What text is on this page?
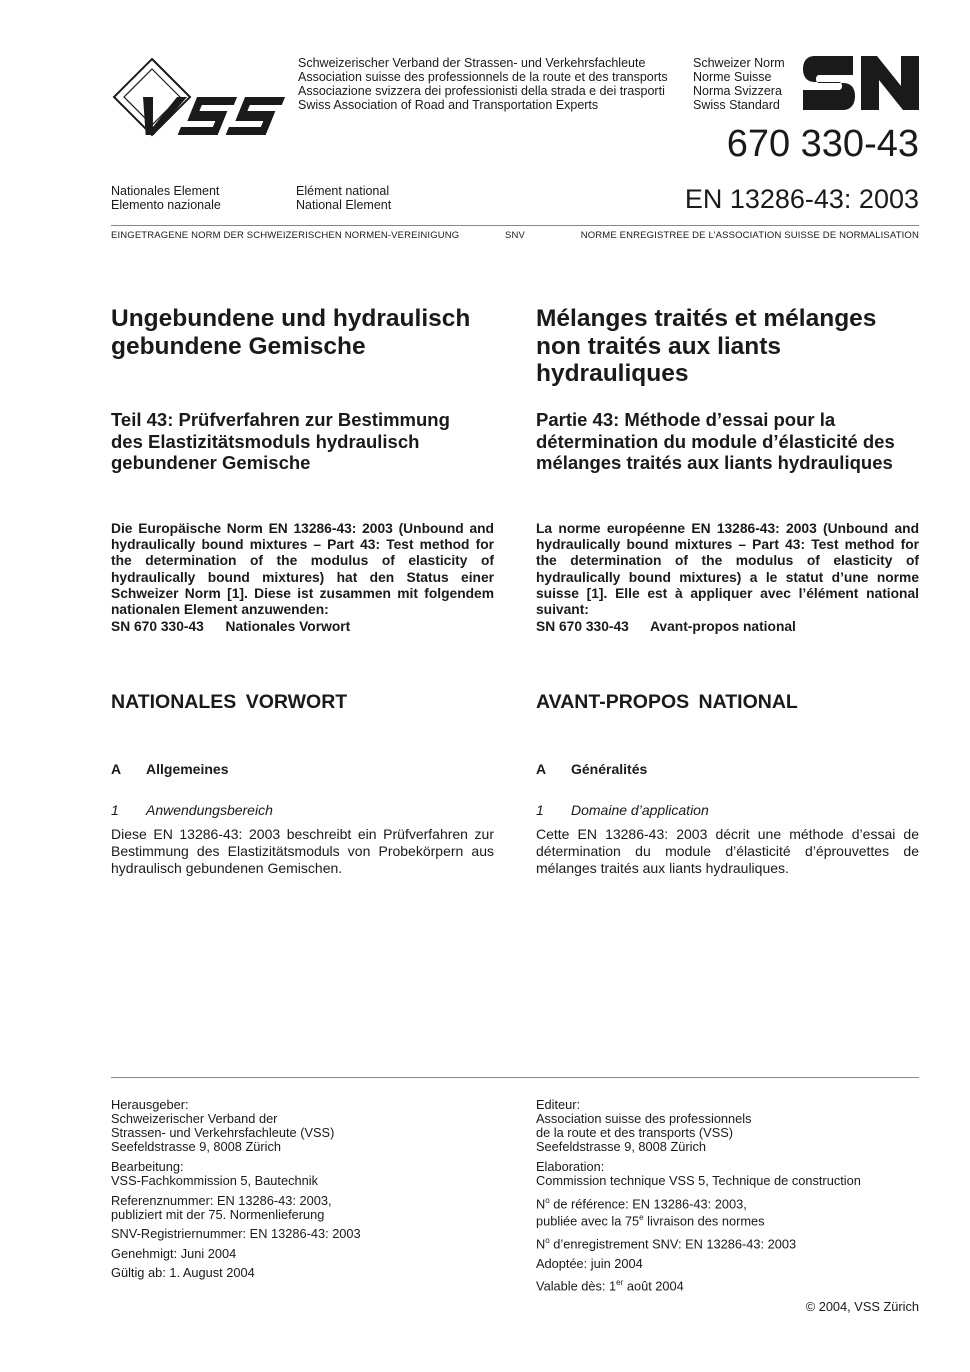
Schweizerischer Verband der Strassen- und Verkehrsfachleute
Association suisse des professionnels de la route et des transports
Associazione svizzera dei professionisti della strada e dei trasporti
Swiss Association of Road and Transportation Experts
Schweizer Norm
Norme Suisse
Norma Svizzera
Swiss Standard
670 330-43
Nationales Element
Elemento nazionale
Elément national
National Element	EN 13286-43: 2003
EINGETRAGENE NORM DER SCHWEIZERISCHEN NORMEN-VEREINIGUNG	SNV	NORME ENREGISTREE DE L’ASSOCIATION SUISSE DE NORMALISATION
Ungebundene und hydraulisch
gebundene Gemische
Teil 43: Prüfverfahren zur Bestimmung
des Elastizitätsmoduls hydraulisch
gebundener Gemische
Die Europäische Norm EN 13286-43: 2003 (Unbound and hydraulically bound mixtures – Part 43: Test method for the determination of the modulus of elasticity of hydraulically bound mixtures) hat den Status einer Schweizer Norm [1]. Diese ist zusammen mit folgendem nationalen Element anzuwenden:
SN 670 330-43 Nationales Vorwort
NATIONALES VORWORT
A Allgemeines
1 Anwendungsbereich
Diese EN 13286-43: 2003 beschreibt ein Prüfverfahren zur Bestimmung des Elastizitätsmoduls von Probekörpern aus hydraulisch gebundenen Gemischen.
Mélanges traités et mélanges
non traités aux liants
hydrauliques
Partie 43: Méthode d’essai pour la
détermination du module d’élasticité des
mélanges traités aux liants hydrauliques
La norme européenne EN 13286-43: 2003 (Unbound and hydraulically bound mixtures – Part 43: Test method for the determination of the modulus of elasticity of hydraulically bound mixtures) a le statut d’une norme suisse [1]. Elle est à appliquer avec l’élément national suivant:
SN 670 330-43 Avant-propos national
AVANT-PROPOS NATIONAL
A Généralités
1 Domaine d’application
Cette EN 13286-43: 2003 décrit une méthode d’essai de détermination du module d’élasticité d’éprouvettes de mélanges traités aux liants hydrauliques.

Herausgeber:
Schweizerischer Verband der
Strassen- und Verkehrsfachleute (VSS)
Seefeldstrasse 9, 8008 Zürich

Bearbeitung:
VSS-Fachkommission 5, Bautechnik

Referenznummer: EN 13286-43: 2003,
publiziert mit der 75. Normenlieferung

SNV-Registriernummer: EN 13286-43: 2003

Genehmigt: Juni 2004

Gültig ab: 1. August 2004

Editeur:
Association suisse des professionnels
de la route et des transports (VSS)
Seefeldstrasse 9, 8008 Zürich

Elaboration:
Commission technique VSS 5, Technique de construction

$N^o$ de référence: EN 13286-43: 2003,
publiée avec la 75e livraison des normes

$N^o$ d’enregistrement SNV: EN 13286-43: 2003

Adoptée: juin 2004

Valable dès: 1er août 2004

© 2004, VSS Zürich
